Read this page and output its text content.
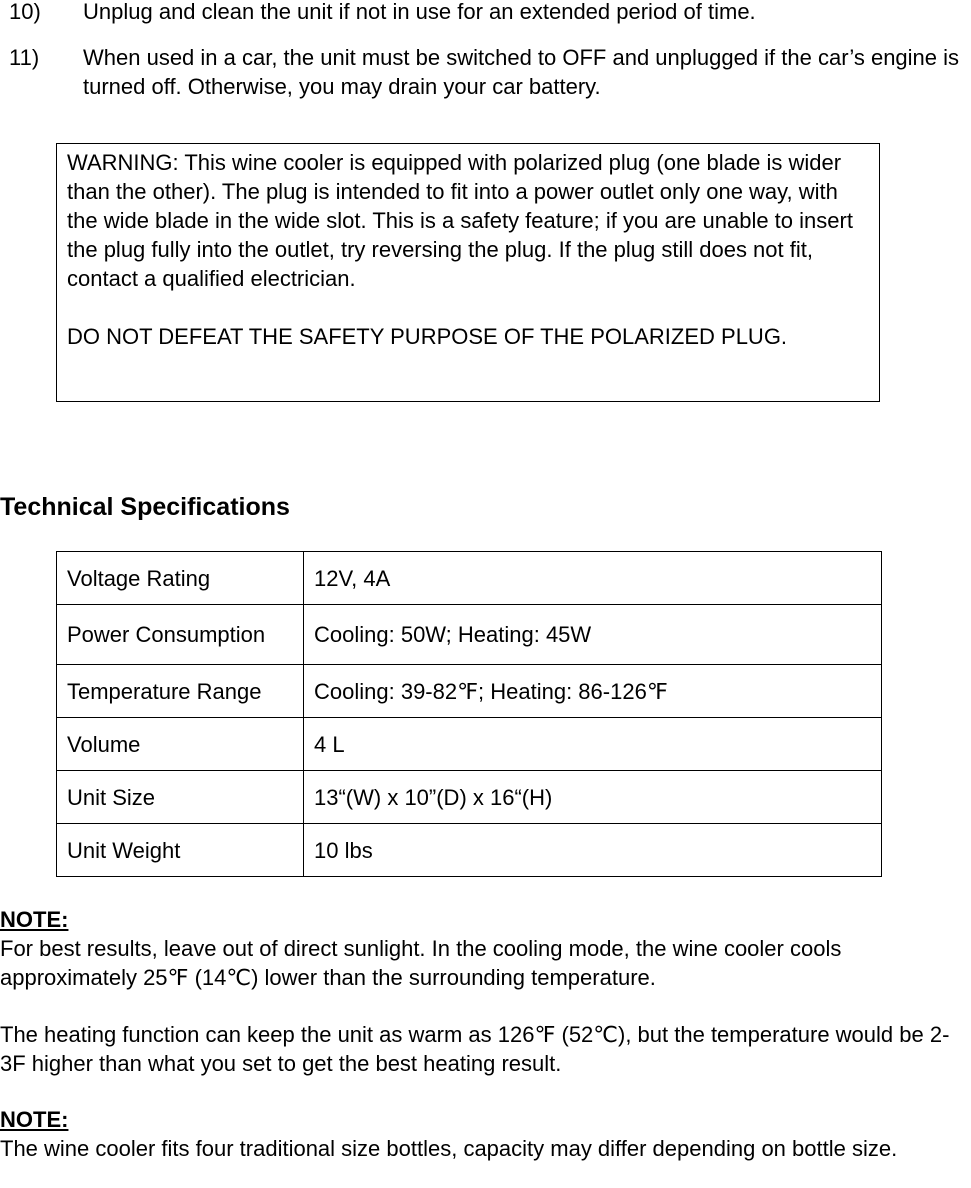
10)	Unplug and clean the unit if not in use for an extended period of time.
11)	When used in a car, the unit must be switched to OFF and unplugged if the car’s engine is turned off. Otherwise, you may drain your car battery.

WARNING: This wine cooler is equipped with polarized plug (one blade is wider than the other). The plug is intended to fit into a power outlet only one way, with the wide blade in the wide slot. This is a safety feature; if you are unable to insert the plug fully into the outlet, try reversing the plug. If the plug still does not fit, contact a qualified electrician.

DO NOT DEFEAT THE SAFETY PURPOSE OF THE POLARIZED PLUG.

Technical Specifications
Voltage Rating	12V, 4A
Power Consumption	Cooling: 50W; Heating: 45W
Temperature Range	Cooling: 39-82℉; Heating: 86-126℉
Volume	4 L
Unit Size	13“(W) x 10”(D) x 16“(H)
Unit Weight	10 lbs
NOTE:
For best results, leave out of direct sunlight. In the cooling mode, the wine cooler cools approximately 25℉ (14℃) lower than the surrounding temperature.
The heating function can keep the unit as warm as 126℉ (52℃), but the temperature would be 2-3F higher than what you set to get the best heating result.
NOTE:
The wine cooler fits four traditional size bottles, capacity may differ depending on bottle size.
